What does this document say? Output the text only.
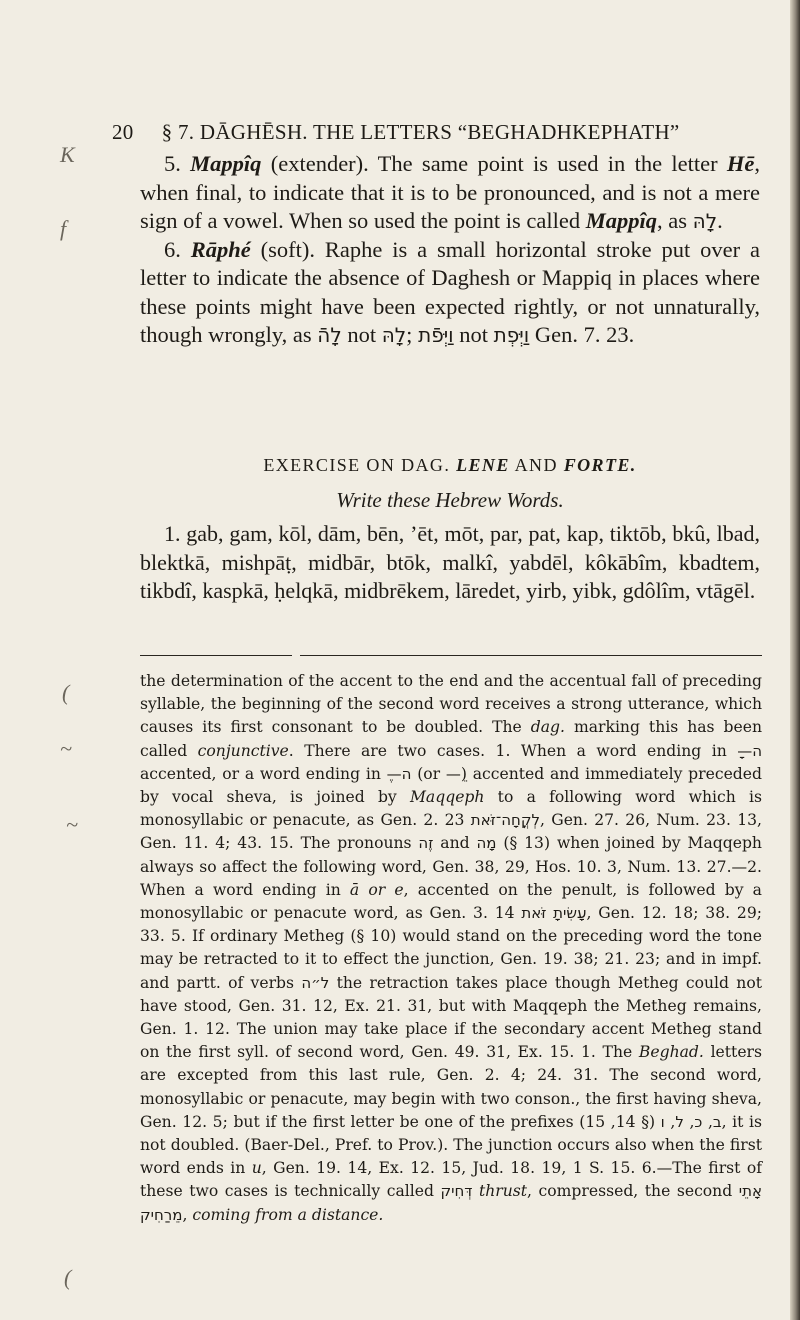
K
f
(
~
~
(
20 § 7. DĀGHĒSH. THE LETTERS “BEGHADHKEPHATH”

5. Mappîq (extender). The same point is used in the letter Hē, when final, to indicate that it is to be pronounced, and is not a mere sign of a vowel. When so used the point is called Mappîq, as לָהּ.

6. Rāphé (soft). Raphe is a small horizontal stroke put over a letter to indicate the absence of Daghesh or Mappiq in places where these points might have been expected rightly, or not unnaturally, though wrongly, as לָהֿ not לָהּ; וַיְּפֿת not וַיְּפְת Gen. 7. 23.

EXERCISE ON DAG. LENE AND FORTE.
Write these Hebrew Words.

1. gab, gam, kōl, dām, bēn, ’ēt, mōt, par, pat, kap, tiktōb, bkû, lbad, blektkā, mishpāṭ, midbār, btōk, malkî, yabdēl, kôkābîm, kbadtem, tikbdî, kaspkā, ḥelqkā, midbrēkem, lāredet, yirb, yibk, gdôlîm, vtāgēl.

the determination of the accent to the end and the accentual fall of preceding syllable, the beginning of the second word receives a strong utterance, which causes its first consonant to be doubled. The dag. marking this has been called conjunctive. There are two cases. 1. When a word ending in ה—ָ accented, or a word ending in ה—ֶ (or —ֵ) accented and immediately preceded by vocal sheva, is joined by Maqqeph to a following word which is monosyllabic or penacute, as Gen. 2. 23 לְקֳחָה־זֹּאת, Gen. 27. 26, Num. 23. 13, Gen. 11. 4; 43. 15. The pronouns זֶה and מָה (§ 13) when joined by Maqqeph always so affect the following word, Gen. 38, 29, Hos. 10. 3, Num. 13. 27.—2. When a word ending in ā or e, accented on the penult, is followed by a monosyllabic or penacute word, as Gen. 3. 14 עָשִׂיתָ זֹּאת, Gen. 12. 18; 38. 29; 33. 5. If ordinary Metheg (§ 10) would stand on the preceding word the tone may be retracted to it to effect the junction, Gen. 19. 38; 21. 23; and in impf. and partt. of verbs ל״ה the retraction takes place though Metheg could not have stood, Gen. 31. 12, Ex. 21. 31, but with Maqqeph the Metheg remains, Gen. 1. 12. The union may take place if the secondary accent Metheg stand on the first syll. of second word, Gen. 49. 31, Ex. 15. 1. The Beghad. letters are excepted from this last rule, Gen. 2. 4; 24. 31. The second word, monosyllabic or penacute, may begin with two conson., the first having sheva, Gen. 12. 5; but if the first letter be one of the prefixes	ב, כ, ל, ו (§ 14, 15), it is not doubled. (Baer-Del., Pref. to Prov.). The junction occurs also when the first word ends in u, Gen. 19. 14, Ex. 12. 15, Jud. 18. 19, 1 S. 15. 6.—The first of these two cases is technically called דְּחִיק thrust, compressed, the second אָתֵי מֵרַחִיק, coming from a distance.
